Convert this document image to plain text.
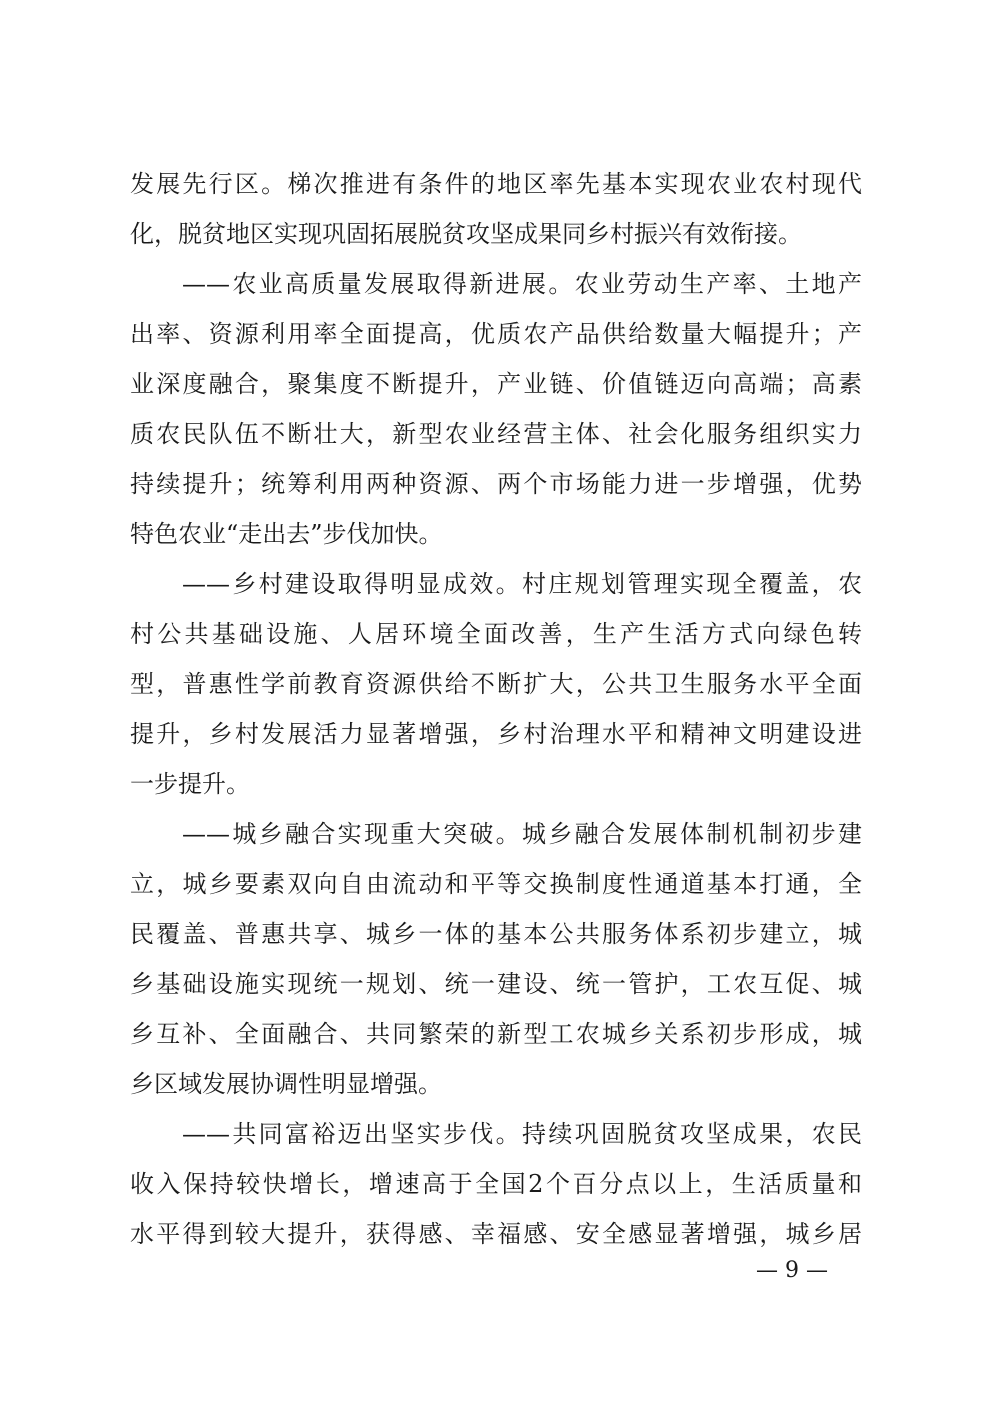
发展先行区。梯次推进有条件的地区率先基本实现农业农村现代
化，脱贫地区实现巩固拓展脱贫攻坚成果同乡村振兴有效衔接。
——农业高质量发展取得新进展。农业劳动生产率、土地产
出率、资源利用率全面提高，优质农产品供给数量大幅提升；产
业深度融合，聚集度不断提升，产业链、价值链迈向高端；高素
质农民队伍不断壮大，新型农业经营主体、社会化服务组织实力
持续提升；统筹利用两种资源、两个市场能力进一步增强，优势
特色农业“走出去”步伐加快。
——乡村建设取得明显成效。村庄规划管理实现全覆盖，农
村公共基础设施、人居环境全面改善，生产生活方式向绿色转
型，普惠性学前教育资源供给不断扩大，公共卫生服务水平全面
提升，乡村发展活力显著增强，乡村治理水平和精神文明建设进
一步提升。
——城乡融合实现重大突破。城乡融合发展体制机制初步建
立，城乡要素双向自由流动和平等交换制度性通道基本打通，全
民覆盖、普惠共享、城乡一体的基本公共服务体系初步建立，城
乡基础设施实现统一规划、统一建设、统一管护，工农互促、城
乡互补、全面融合、共同繁荣的新型工农城乡关系初步形成，城
乡区域发展协调性明显增强。
——共同富裕迈出坚实步伐。持续巩固脱贫攻坚成果，农民
收入保持较快增长，增速高于全国2个百分点以上，生活质量和
水平得到较大提升，获得感、幸福感、安全感显著增强，城乡居
— 9 —
